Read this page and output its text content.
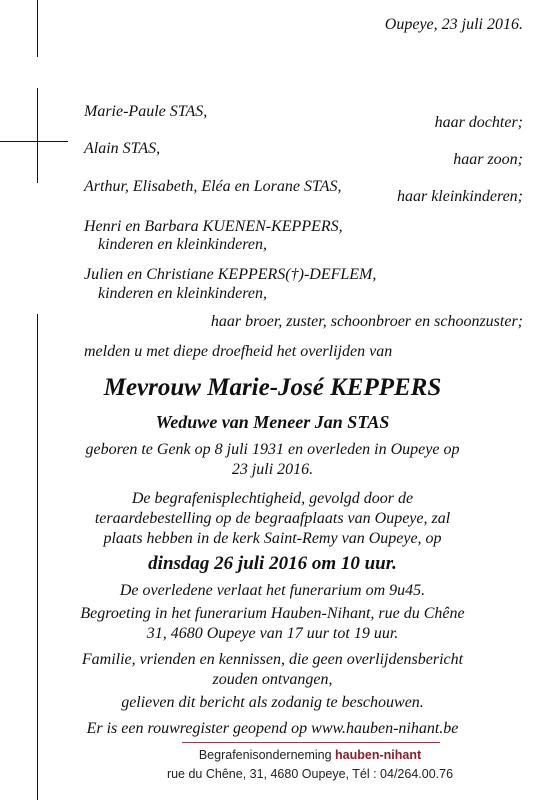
Oupeye, 23 juli 2016.
Marie-Paule STAS,
haar dochter;
Alain STAS,
haar zoon;
Arthur, Elisabeth, Eléa en Lorane STAS,
haar kleinkinderen;
Henri en Barbara KUENEN-KEPPERS,
kinderen en kleinkinderen,
Julien en Christiane KEPPERS(†)-DEFLEM,
kinderen en kleinkinderen,
haar broer, zuster, schoonbroer en schoonzuster;
melden u met diepe droefheid het overlijden van
Mevrouw Marie-José KEPPERS
Weduwe van Meneer Jan STAS
geboren te Genk op 8 juli 1931 en overleden in Oupeye op
23 juli 2016.
De begrafenisplechtigheid, gevolgd door de
teraardebestelling op de begraafplaats van Oupeye, zal
plaats hebben in de kerk Saint-Remy van Oupeye, op
dinsdag 26 juli 2016 om 10 uur.
De overledene verlaat het funerarium om 9u45.
Begroeting in het funerarium Hauben-Nihant, rue du Chêne
31, 4680 Oupeye van 17 uur tot 19 uur.
Familie, vrienden en kennissen, die geen overlijdensbericht
zouden ontvangen,
gelieven dit bericht als zodanig te beschouwen.
Er is een rouwregister geopend op www.hauben-nihant.be
Begrafenisonderneming hauben-nihant
rue du Chêne, 31, 4680 Oupeye, Tél : 04/264.00.76
